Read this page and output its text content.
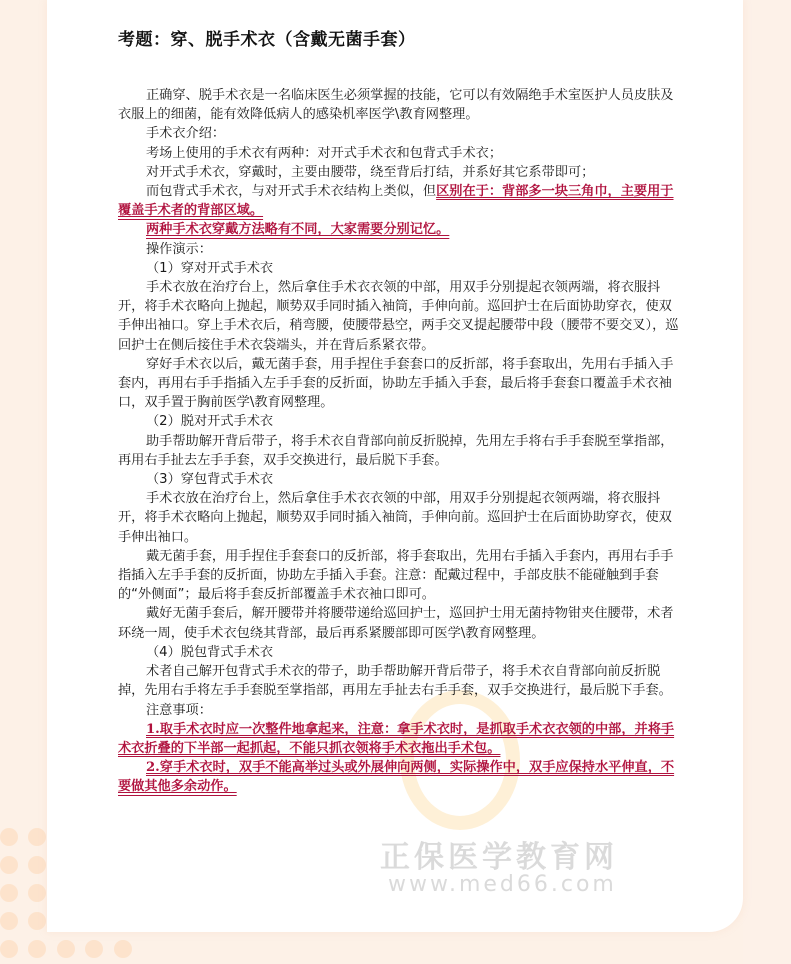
正保医学教育网
www.med66.com
考题：穿、脱手术衣（含戴无菌手套）

正确穿、脱手术衣是一名临床医生必须掌握的技能，它可以有效隔绝手术室医护人员皮肤及衣服上的细菌，能有效降低病人的感染机率医学\教育网整理。

手术衣介绍：

考场上使用的手术衣有两种：对开式手术衣和包背式手术衣；

对开式手术衣，穿戴时，主要由腰带，绕至背后打结，并系好其它系带即可；

而包背式手术衣，与对开式手术衣结构上类似，但区别在于：背部多一块三角巾，主要用于覆盖手术者的背部区域。

两种手术衣穿戴方法略有不同，大家需要分别记忆。

操作演示：

（1）穿对开式手术衣

手术衣放在治疗台上，然后拿住手术衣衣领的中部，用双手分别提起衣领两端，将衣服抖开，将手术衣略向上抛起，顺势双手同时插入袖筒，手伸向前。巡回护士在后面协助穿衣，使双手伸出袖口。穿上手术衣后，稍弯腰，使腰带悬空，两手交叉提起腰带中段（腰带不要交叉），巡回护士在侧后接住手术衣袋端头，并在背后系紧衣带。

穿好手术衣以后，戴无菌手套，用手捏住手套套口的反折部，将手套取出，先用右手插入手套内，再用右手手指插入左手手套的反折面，协助左手插入手套，最后将手套套口覆盖手术衣袖口，双手置于胸前医学\教育网整理。

（2）脱对开式手术衣

助手帮助解开背后带子，将手术衣自背部向前反折脱掉，先用左手将右手手套脱至掌指部，再用右手扯去左手手套，双手交换进行，最后脱下手套。

（3）穿包背式手术衣

手术衣放在治疗台上，然后拿住手术衣衣领的中部，用双手分别提起衣领两端，将衣服抖开，将手术衣略向上抛起，顺势双手同时插入袖筒，手伸向前。巡回护士在后面协助穿衣，使双手伸出袖口。

戴无菌手套，用手捏住手套套口的反折部，将手套取出，先用右手插入手套内，再用右手手指插入左手手套的反折面，协助左手插入手套。注意：配戴过程中，手部皮肤不能碰触到手套的“外侧面”；最后将手套反折部覆盖手术衣袖口即可。

戴好无菌手套后，解开腰带并将腰带递给巡回护士，巡回护士用无菌持物钳夹住腰带，术者环绕一周，使手术衣包绕其背部，最后再系紧腰部即可医学\教育网整理。

（4）脱包背式手术衣

术者自己解开包背式手术衣的带子，助手帮助解开背后带子，将手术衣自背部向前反折脱掉，先用右手将左手手套脱至掌指部，再用左手扯去右手手套，双手交换进行，最后脱下手套。

注意事项：

1.取手术衣时应一次整件地拿起来，注意：拿手术衣时，是抓取手术衣衣领的中部，并将手术衣折叠的下半部一起抓起，不能只抓衣领将手术衣拖出手术包。

2.穿手术衣时，双手不能高举过头或外展伸向两侧，实际操作中，双手应保持水平伸直，不要做其他多余动作。
